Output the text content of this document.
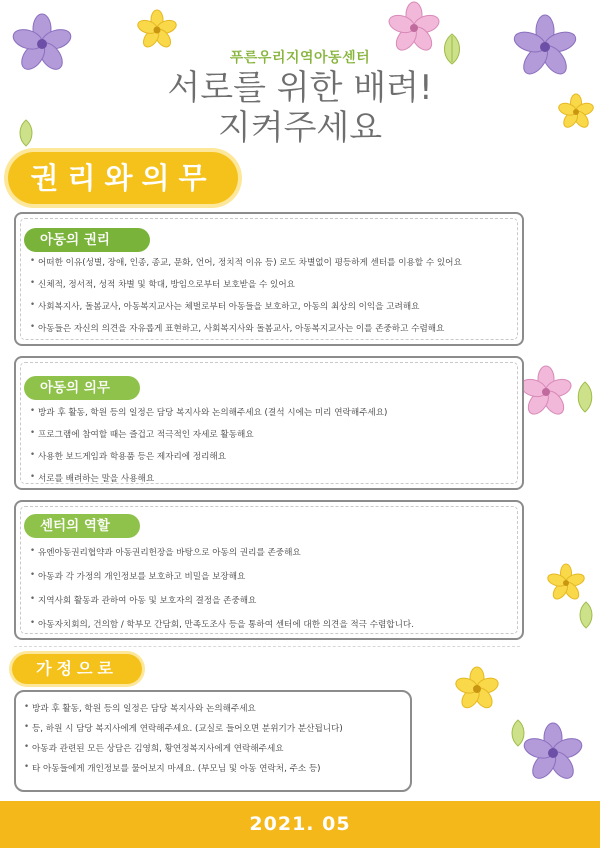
푸른우리지역아동센터
서로를 위한 배려!
지켜주세요
권리와의무
아동의 권리
• 어떠한 이유(성별, 장애, 인종, 종교, 문화, 언어, 정치적 이유 등) 로도 차별없이 평등하게 센터를 이용할 수 있어요
• 신체적, 정서적, 성적 차별 및 학대, 방임으로부터 보호받을 수 있어요
• 사회복지사, 돌봄교사, 아동복지교사는 체벌로부터 아동들을 보호하고, 아동의 최상의 이익을 고려해요
• 아동들은 자신의 의견을 자유롭게 표현하고, 사회복지사와 돌봄교사, 아동복지교사는 이를 존중하고 수렴해요
아동의 의무
• 방과 후 활동, 학원 등의 일정은 담당 복지사와 논의해주세요 (결석 시에는 미리 연락해주세요)
• 프로그램에 참여할 때는 즐겁고 적극적인 자세로 활동해요
• 사용한 보드게임과 학용품 등은 제자리에 정리해요
• 서로를 배려하는 말을 사용해요
센터의 역할
• 유엔아동권리협약과 아동권리헌장을 바탕으로 아동의 권리를 존중해요
• 아동과 각 가정의 개인정보를 보호하고 비밀을 보장해요
• 지역사회 활동과 관하여 아동 및 보호자의 결정을 존중해요
• 아동자치회의, 건의함 / 학부모 간담회, 만족도조사 등을 통하여 센터에 대한 의견을 적극 수렴합니다.
가정으로
• 방과 후 활동, 학원 등의 일정은 담당 복지사와 논의해주세요
• 등, 하원 시 담당 복지사에게 연락해주세요. (교실로 들어오면 분위기가 분산됩니다)
• 아동과 관련된 모든 상담은 김영희, 황연정복지사에게 연락해주세요
• 타 아동들에게 개인정보를 물어보지 마세요. (부모님 및 아동 연락처, 주소 등)
2021. 05
